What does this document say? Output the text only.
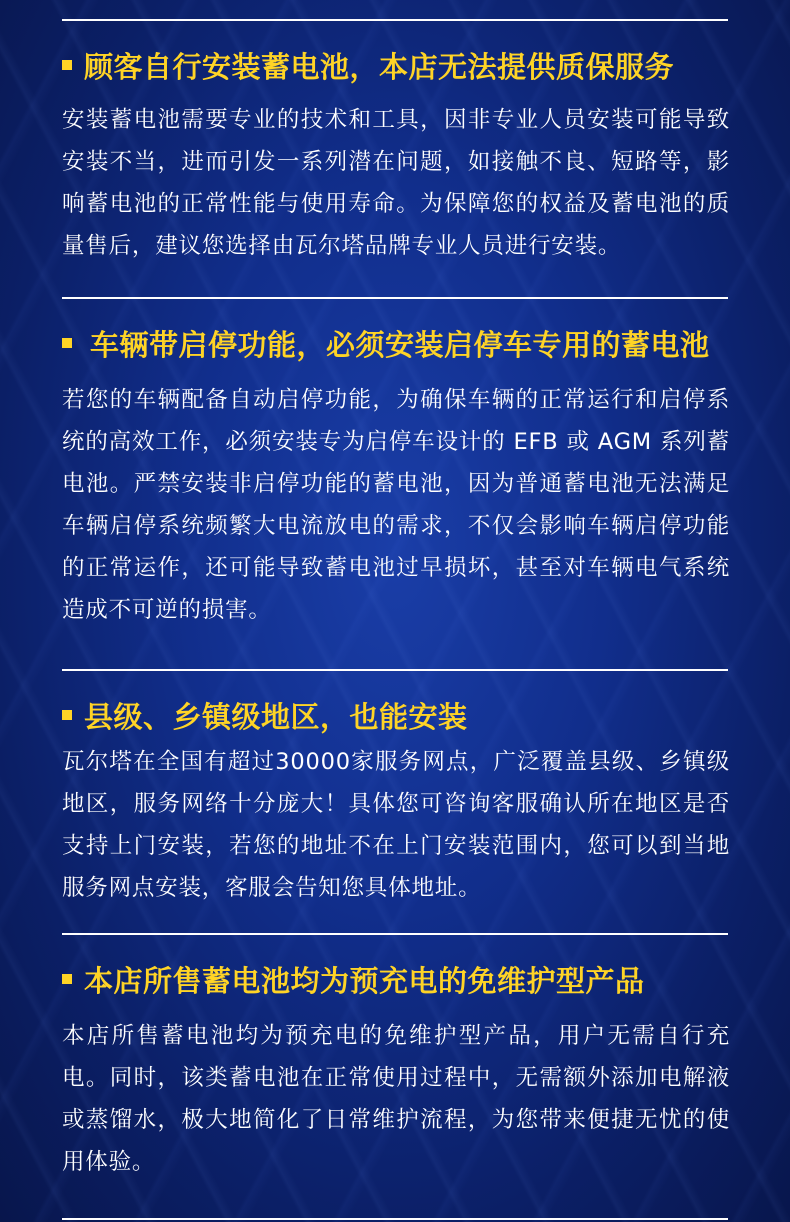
顾客自行安装蓄电池，本店无法提供质保服务
安装蓄电池需要专业的技术和工具，因非专业人员安装可能导致安装不当，进而引发一系列潜在问题，如接触不良、短路等，影响蓄电池的正常性能与使用寿命。为保障您的权益及蓄电池的质量售后，建议您选择由瓦尔塔品牌专业人员进行安装。
车辆带启停功能，必须安装启停车专用的蓄电池
若您的车辆配备自动启停功能，为确保车辆的正常运行和启停系统的高效工作，必须安装专为启停车设计的 EFB 或 AGM 系列蓄电池。严禁安装非启停功能的蓄电池，因为普通蓄电池无法满足车辆启停系统频繁大电流放电的需求，不仅会影响车辆启停功能的正常运作，还可能导致蓄电池过早损坏，甚至对车辆电气系统造成不可逆的损害。
县级、乡镇级地区，也能安装
瓦尔塔在全国有超过30000家服务网点，广泛覆盖县级、乡镇级地区，服务网络十分庞大！具体您可咨询客服确认所在地区是否支持上门安装，若您的地址不在上门安装范围内，您可以到当地服务网点安装，客服会告知您具体地址。
本店所售蓄电池均为预充电的免维护型产品
本店所售蓄电池均为预充电的免维护型产品，用户无需自行充电。同时，该类蓄电池在正常使用过程中，无需额外添加电解液或蒸馏水，极大地简化了日常维护流程，为您带来便捷无忧的使用体验。
